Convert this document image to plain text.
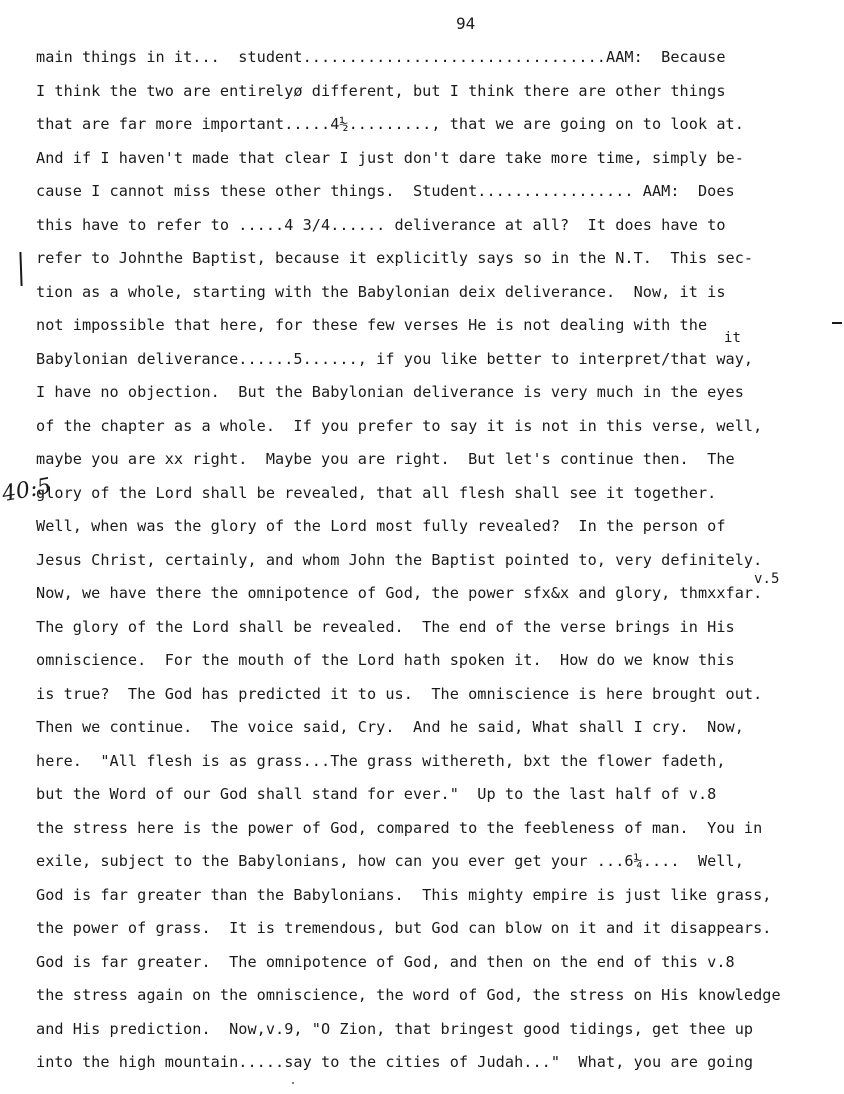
94
40:5
main things in it...  student.................................AAM:  Because
I think the two are entirelyø different, but I think there are other things
that are far more important.....4½........., that we are going on to look at.
And if I haven't made that clear I just don't dare take more time, simply be-
cause I cannot miss these other things.  Student................. AAM:  Does
this have to refer to .....4 3/4...... deliverance at all?  It does have to
refer to Johnthe Baptist, because it explicitly says so in the N.T.  This sec-
tion as a whole, starting with the Babylonian deix deliverance.  Now, it is

not impossible that here, for these few verses He is not dealing with the

it

Babylonian deliverance......5......, if you like better to interpret/that way,
I have no objection.  But the Babylonian deliverance is very much in the eyes
of the chapter as a whole.  If you prefer to say it is not in this verse, well,
maybe you are xx right.  Maybe you are right.  But let's continue then.  The
glory of the Lord shall be revealed, that all flesh shall see it together.
Well, when was the glory of the Lord most fully revealed?  In the person of

Jesus Christ, certainly, and whom John the Baptist pointed to, very definitely.

v.5

Now, we have there the omnipotence of God, the power sfx&x and glory, thmxxfar.
The glory of the Lord shall be revealed.  The end of the verse brings in His
omniscience.  For the mouth of the Lord hath spoken it.  How do we know this
is true?  The God has predicted it to us.  The omniscience is here brought out.
Then we continue.  The voice said, Cry.  And he said, What shall I cry.  Now,
here.  "All flesh is as grass...The grass withereth, bxt the flower fadeth,
but the Word of our God shall stand for ever."  Up to the last half of v.8
the stress here is the power of God, compared to the feebleness of man.  You in
exile, subject to the Babylonians, how can you ever get your ...6¼....  Well,
God is far greater than the Babylonians.  This mighty empire is just like grass,
the power of grass.  It is tremendous, but God can blow on it and it disappears.
God is far greater.  The omnipotence of God, and then on the end of this v.8
the stress again on the omniscience, the word of God, the stress on His knowledge
and His prediction.  Now,v.9, "O Zion, that bringest good tidings, get thee up
into the high mountain.....say to the cities of Judah..."  What, you are going
